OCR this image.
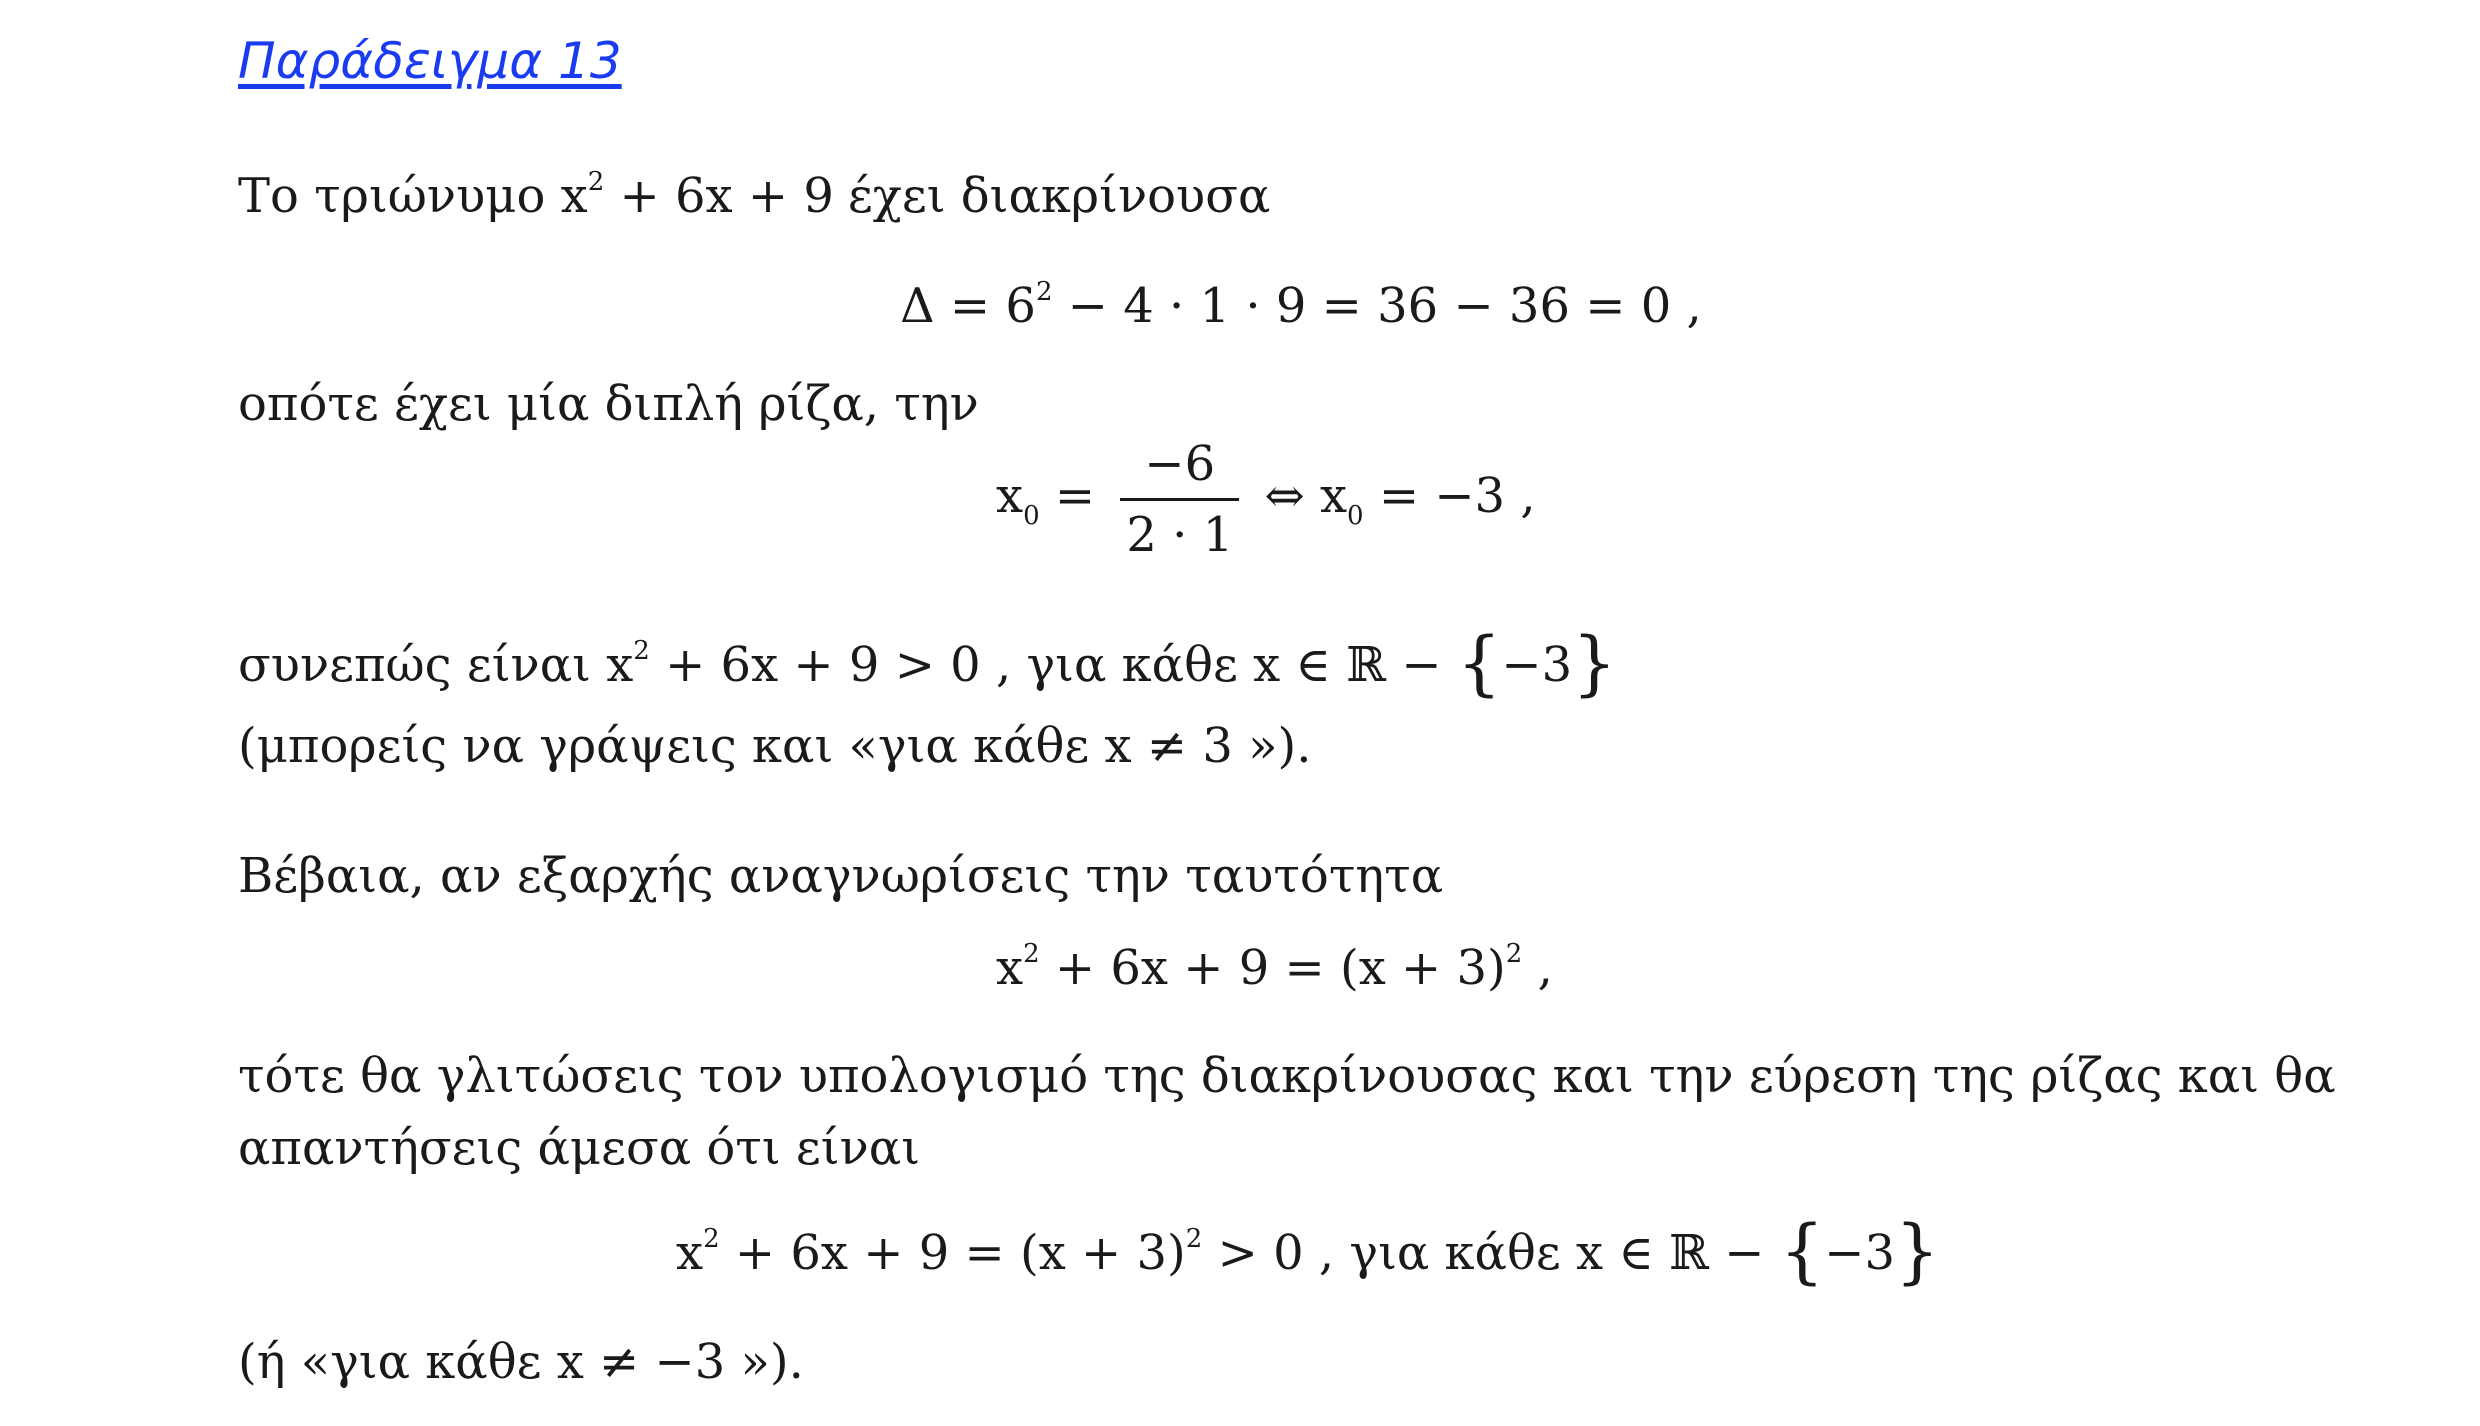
Παράδειγμα 13
Το τριώνυμο $x^2 + 6x + 9$ έχει διακρίνουσα
$\Delta = 6^2 - 4 \cdot 1 \cdot 9 = 36 - 36 = 0$ ,
οπότε έχει μία διπλή ρίζα, την
$x_0 = \frac{-6}{2 \cdot 1}$ ⇔ $x_0 = -3$ ,
συνεπώς είναι $x^2 + 6x + 9 > 0$ , για κάθε x ∈ ℝ − {−3}
(μπορείς να γράψεις και «για κάθε x ≠ 3 »).
Βέβαια, αν εξαρχής αναγνωρίσεις την ταυτότητα
$x^2 + 6x + 9 = (x + 3)^2$ ,
τότε θα γλιτώσεις τον υπολογισμό της διακρίνουσας και την εύρεση της ρίζας και θα
απαντήσεις άμεσα ότι είναι
$x^2 + 6x + 9 = (x + 3)^2 > 0$ , για κάθε x ∈ ℝ − {−3}
(ή «για κάθε x ≠ −3 »).
